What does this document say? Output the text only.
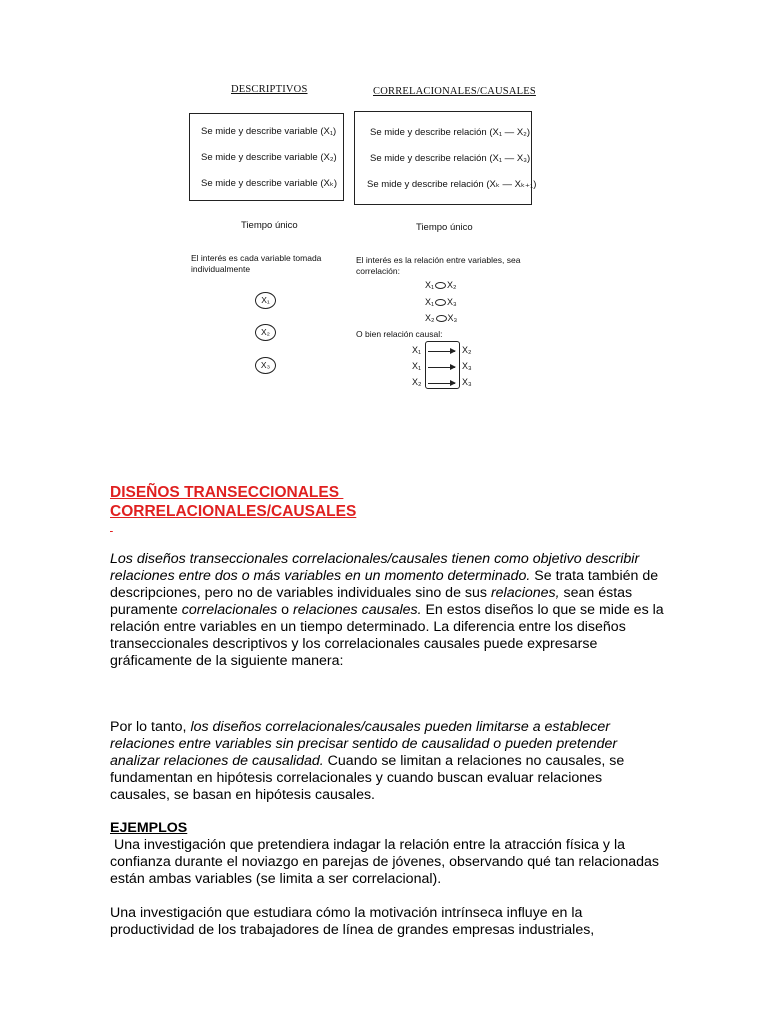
DESCRIPTIVOS	CORRELACIONALES/CAUSALES
Se mide y describe variable (X₁)
Se mide y describe variable (X₂)
Se mide y describe variable (Xₖ)
Se mide y describe relación (X₁ — X₂)
Se mide y describe relación (X₁ — X₃)
Se mide y describe relación (Xₖ — Xₖ₊₁)
Tiempo único	Tiempo único
El interés es cada variable tomada
individualmente
El interés es la relación entre variables, sea
correlación:
X₁
X₂
X₃
X₁ X₂
X₁ X₃
X₂ X₃
O bien relación causal:
X₁	X₂
X₁	X₃
X₂	X₃
DISEÑOS TRANSECCIONALES
CORRELACIONALES/CAUSALES

Los diseños transeccionales correlacionales/causales tienen como objetivo describir relaciones entre dos o más variables en un momento determinado. Se trata también de descripciones, pero no de variables individuales sino de sus relaciones, sean éstas puramente correlacionales o relaciones causales. En estos diseños lo que se mide es la relación entre variables en un tiempo determinado. La diferencia entre los diseños transeccionales descriptivos y los correlacionales causales puede expresarse gráficamente de la siguiente manera:

Por lo tanto, los diseños correlacionales/causales pueden limitarse a establecer relaciones entre variables sin precisar sentido de causalidad o pueden pretender analizar relaciones de causalidad. Cuando se limitan a relaciones no causales, se fundamentan en hipótesis correlacionales y cuando buscan evaluar relaciones causales, se basan en hipótesis causales.

EJEMPLOS
Una investigación que pretendiera indagar la relación entre la atracción física y la confianza durante el noviazgo en parejas de jóvenes, observando qué tan relacionadas están ambas variables (se limita a ser correlacional).
Una investigación que estudiara cómo la motivación intrínseca influye en la productividad de los trabajadores de línea de grandes empresas industriales,
